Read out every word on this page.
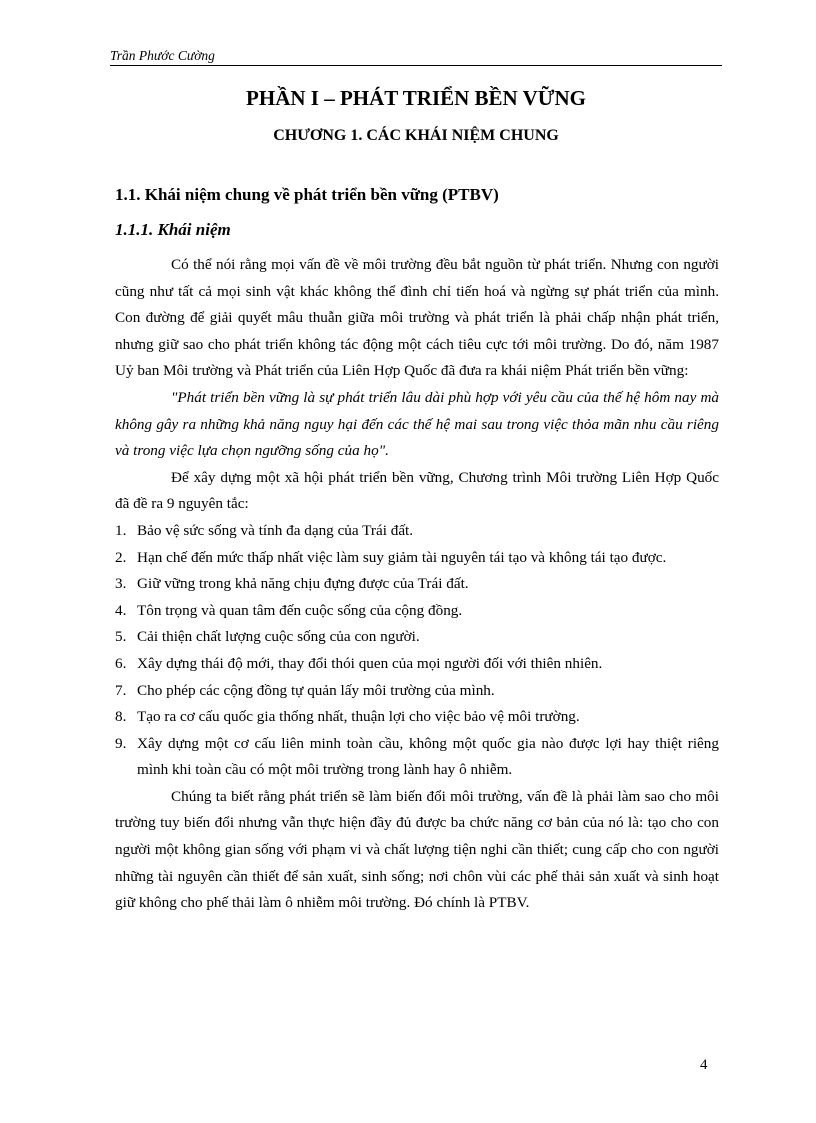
Trần Phước Cường
PHẦN I – PHÁT TRIỂN BỀN VỮNG
CHƯƠNG 1. CÁC KHÁI NIỆM CHUNG
1.1. Khái niệm chung về phát triển bền vững (PTBV)
1.1.1. Khái niệm

Có thể nói rằng mọi vấn đề về môi trường đều bắt nguồn từ phát triển. Nhưng con người cũng như tất cả mọi sinh vật khác không thể đình chỉ tiến hoá và ngừng sự phát triển của mình. Con đường để giải quyết mâu thuẫn giữa môi trường và phát triển là phải chấp nhận phát triển, nhưng giữ sao cho phát triển không tác động một cách tiêu cực tới môi trường. Do đó, năm 1987 Uỷ ban Môi trường và Phát triển của Liên Hợp Quốc đã đưa ra khái niệm Phát triển bền vững:

"Phát triển bền vững là sự phát triển lâu dài phù hợp với yêu cầu của thế hệ hôm nay mà không gây ra những khả năng nguy hại đến các thế hệ mai sau trong việc thỏa mãn nhu cầu riêng và trong việc lựa chọn ngưỡng sống của họ".

Để xây dựng một xã hội phát triển bền vững, Chương trình Môi trường Liên Hợp Quốc đã đề ra 9 nguyên tắc:

1. Bảo vệ sức sống và tính đa dạng của Trái đất.
2. Hạn chế đến mức thấp nhất việc làm suy giảm tài nguyên tái tạo và không tái tạo được.
3. Giữ vững trong khả năng chịu đựng được của Trái đất.
4. Tôn trọng và quan tâm đến cuộc sống của cộng đồng.
5. Cải thiện chất lượng cuộc sống của con người.
6. Xây dựng thái độ mới, thay đổi thói quen của mọi người đối với thiên nhiên.
7. Cho phép các cộng đồng tự quản lấy môi trường của mình.
8. Tạo ra cơ cấu quốc gia thống nhất, thuận lợi cho việc bảo vệ môi trường.
9. Xây dựng một cơ cấu liên minh toàn cầu, không một quốc gia nào được lợi hay thiệt riêng mình khi toàn cầu có một môi trường trong lành hay ô nhiễm.

Chúng ta biết rằng phát triển sẽ làm biến đổi môi trường, vấn đề là phải làm sao cho môi trường tuy biến đổi nhưng vẫn thực hiện đầy đủ được ba chức năng cơ bản của nó là: tạo cho con người một không gian sống với phạm vi và chất lượng tiện nghi cần thiết; cung cấp cho con người những tài nguyên cần thiết để sản xuất, sinh sống; nơi chôn vùi các phế thải sản xuất và sinh hoạt giữ không cho phế thải làm ô nhiễm môi trường. Đó chính là PTBV.

4
